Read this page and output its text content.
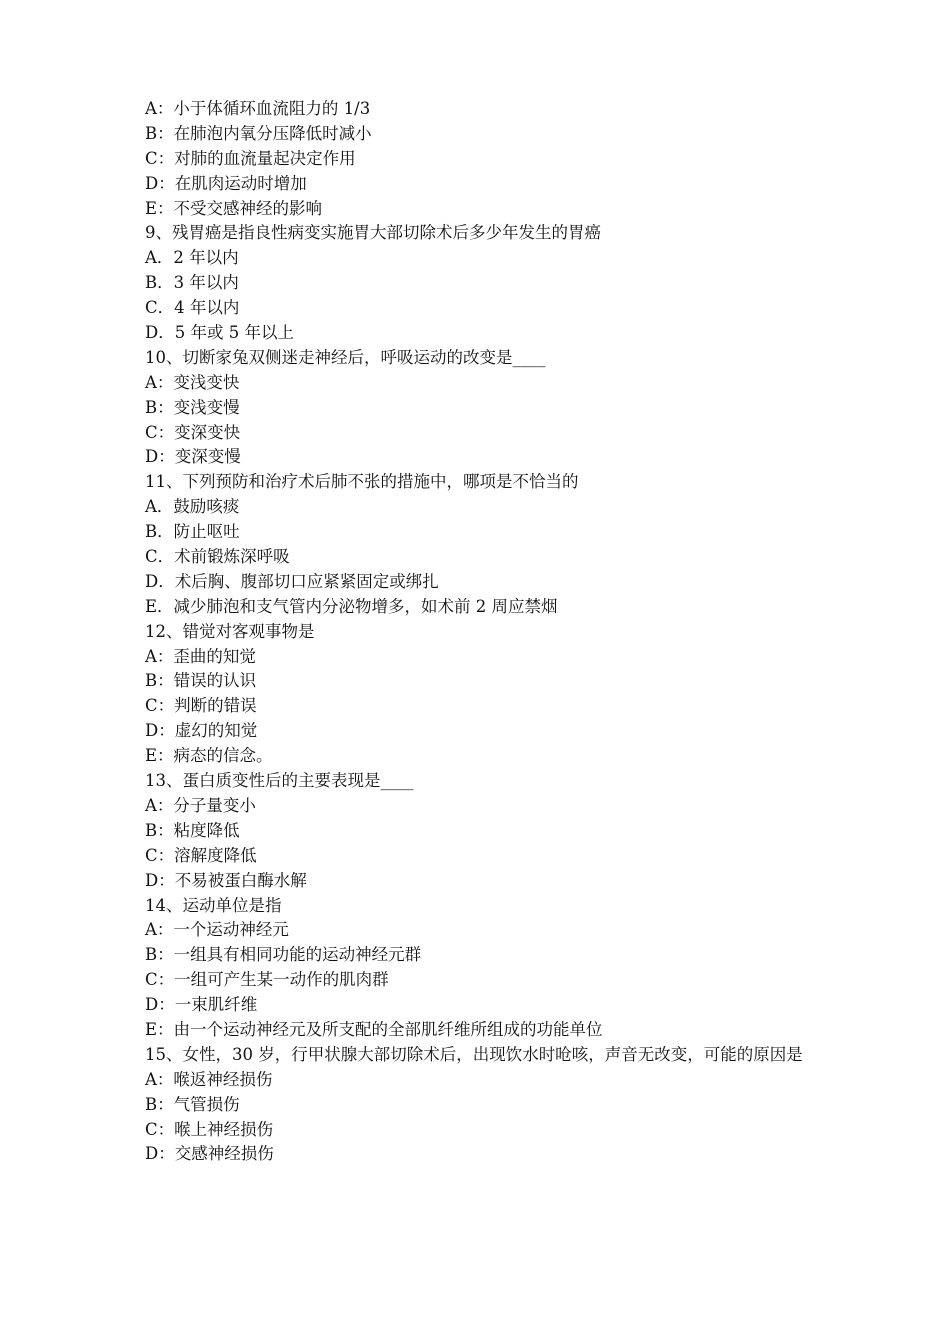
A：小于体循环血流阻力的 1/3
B：在肺泡内氧分压降低时减小
C：对肺的血流量起决定作用
D：在肌肉运动时增加
E：不受交感神经的影响
9、残胃癌是指良性病变实施胃大部切除术后多少年发生的胃癌
A．2 年以内
B．3 年以内
C．4 年以内
D．5 年或 5 年以上
10、切断家兔双侧迷走神经后，呼吸运动的改变是____
A：变浅变快
B：变浅变慢
C：变深变快
D：变深变慢
11、下列预防和治疗术后肺不张的措施中，哪项是不恰当的
A．鼓励咳痰
B．防止呕吐
C．术前锻炼深呼吸
D．术后胸、腹部切口应紧紧固定或绑扎
E．减少肺泡和支气管内分泌物增多，如术前 2 周应禁烟
12、错觉对客观事物是
A：歪曲的知觉
B：错误的认识
C：判断的错误
D：虚幻的知觉
E：病态的信念。
13、蛋白质变性后的主要表现是____
A：分子量变小
B：粘度降低
C：溶解度降低
D：不易被蛋白酶水解
14、运动单位是指
A：一个运动神经元
B：一组具有相同功能的运动神经元群
C：一组可产生某一动作的肌肉群
D：一束肌纤维
E：由一个运动神经元及所支配的全部肌纤维所组成的功能单位
15、女性，30 岁，行甲状腺大部切除术后，出现饮水时呛咳，声音无改变，可能的原因是
A：喉返神经损伤
B：气管损伤
C：喉上神经损伤
D：交感神经损伤
